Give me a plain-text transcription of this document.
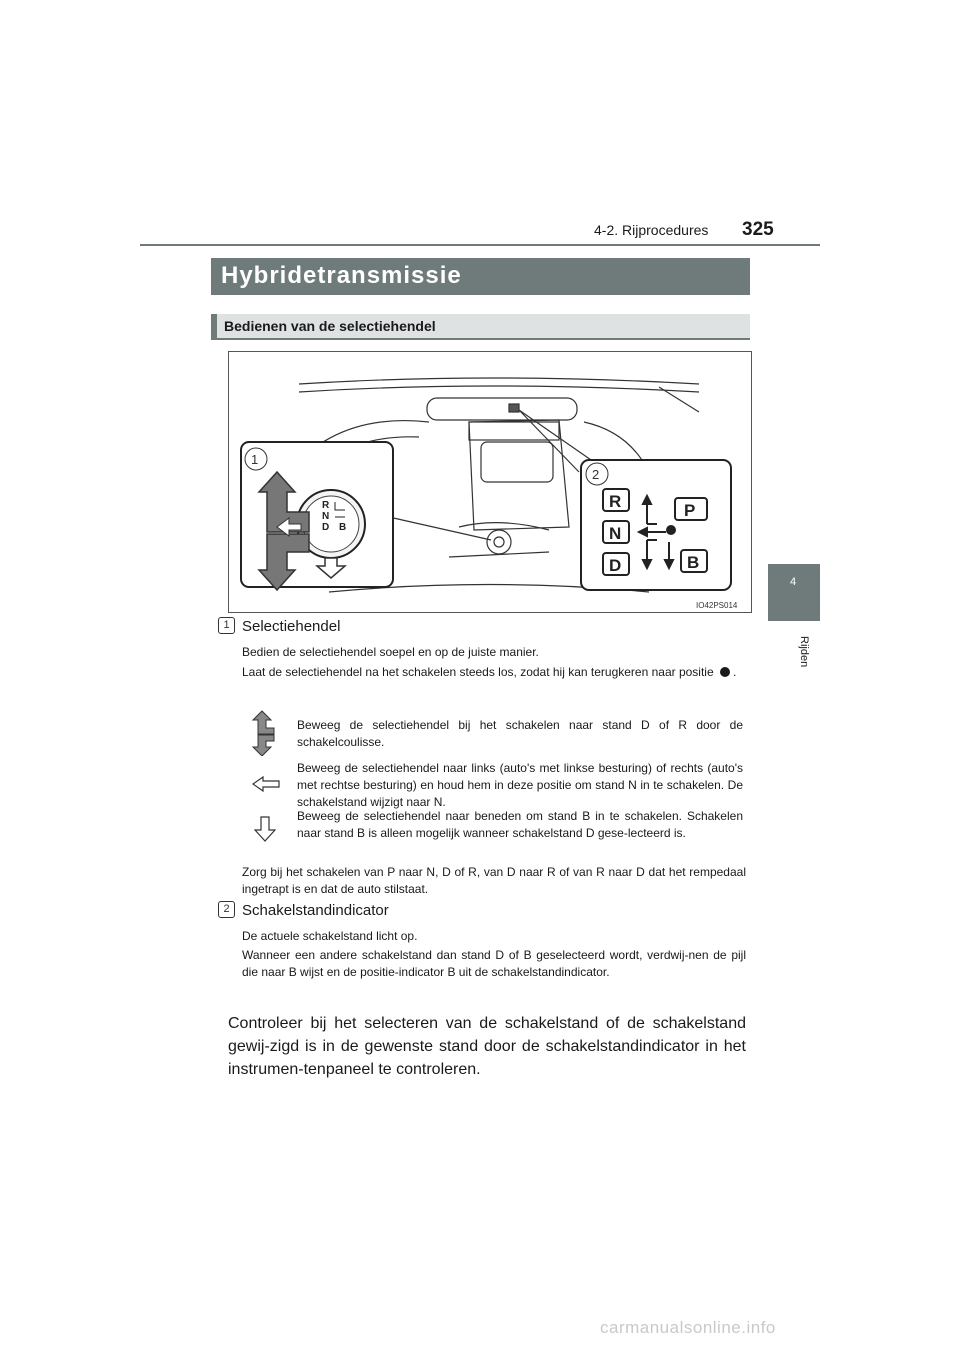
4-2. Rijprocedures 325
4
Rijden
Hybridetransmissie
Bedienen van de selectiehendel
1
R
N
D B
2
R
N
D
P
B
IO42PS014
1 Selectiehendel
Bedien de selectiehendel soepel en op de juiste manier.
Laat de selectiehendel na het schakelen steeds los, zodat hij kan terugkeren naar positie .
Beweeg de selectiehendel bij het schakelen naar stand D of R door de schakelcoulisse.
Beweeg de selectiehendel naar links (auto's met linkse besturing) of rechts (auto's met rechtse besturing) en houd hem in deze positie om stand N in te schakelen. De schakelstand wijzigt naar N.
Beweeg de selectiehendel naar beneden om stand B in te schakelen. Schakelen naar stand B is alleen mogelijk wanneer schakelstand D gese-lecteerd is.
Zorg bij het schakelen van P naar N, D of R, van D naar R of van R naar D dat het rempedaal ingetrapt is en dat de auto stilstaat.
2 Schakelstandindicator
De actuele schakelstand licht op.
Wanneer een andere schakelstand dan stand D of B geselecteerd wordt, verdwij-nen de pijl die naar B wijst en de positie-indicator B uit de schakelstandindicator.
Controleer bij het selecteren van de schakelstand of de schakelstand gewij-zigd is in de gewenste stand door de schakelstandindicator in het instrumen-tenpaneel te controleren.
carmanualsonline.info
